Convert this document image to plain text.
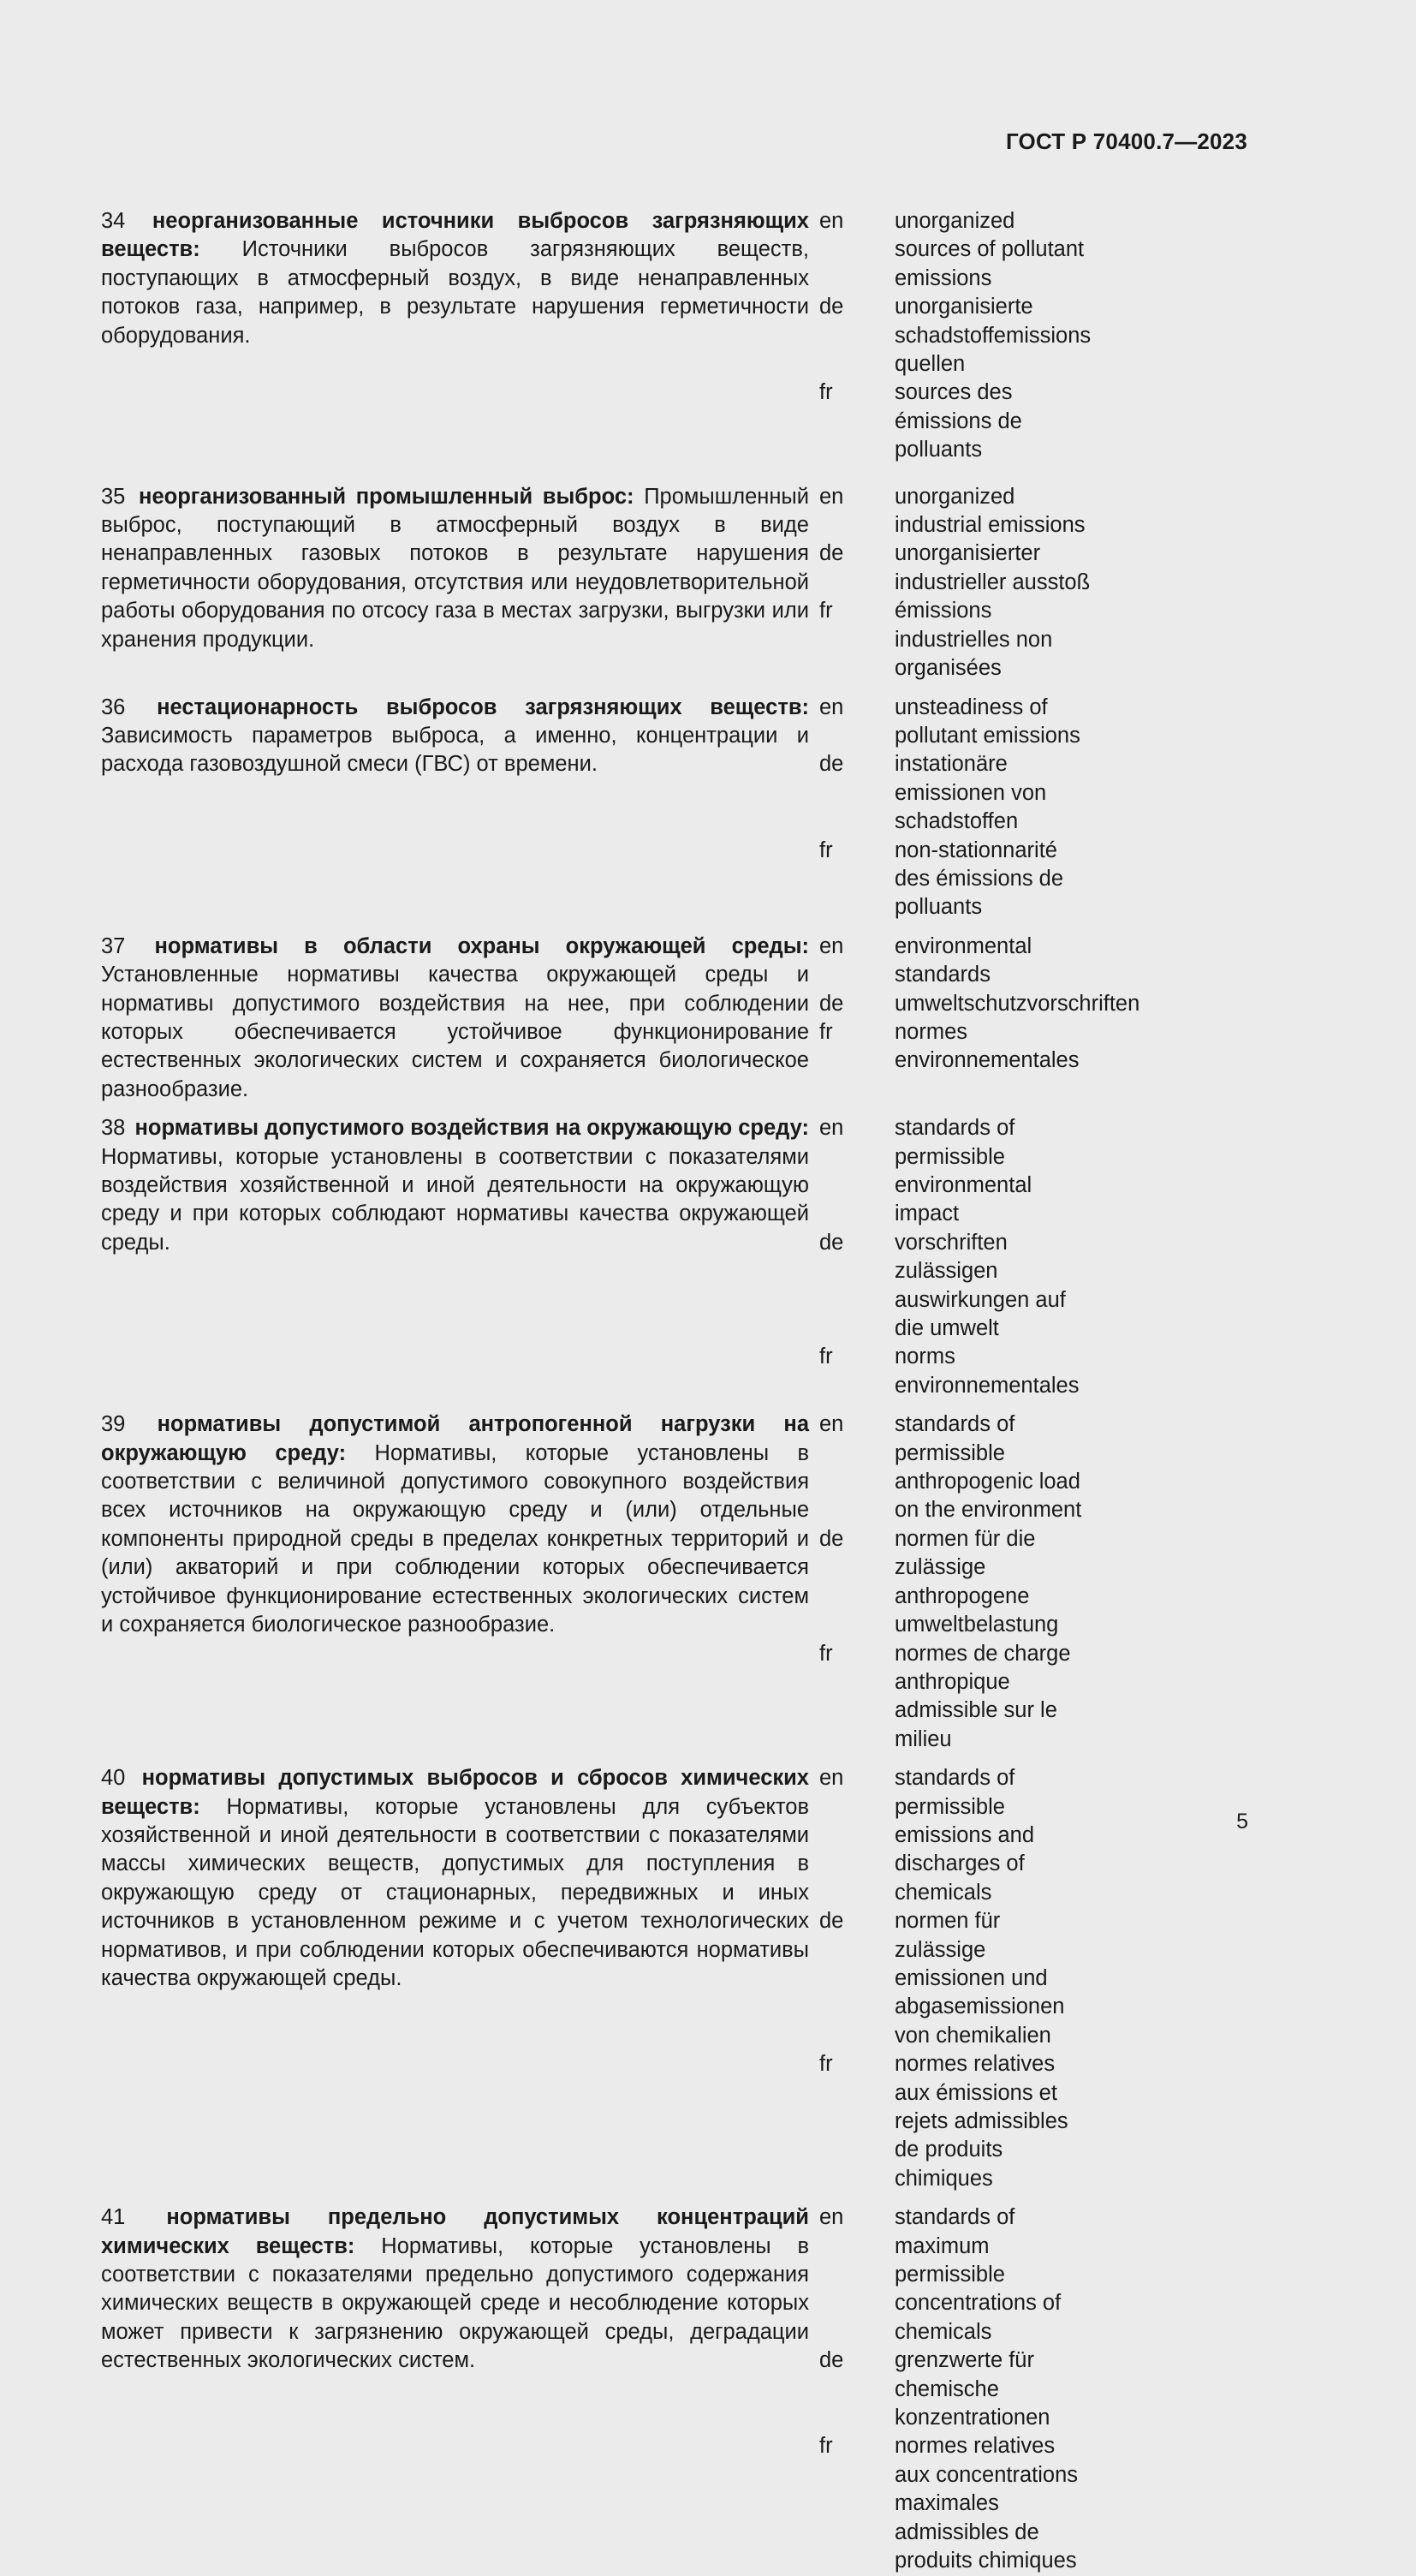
ГОСТ Р 70400.7—2023
34 неорганизованные источники выбросов загрязняющих веществ: Источники выбросов загрязняющих веществ, поступающих в атмосферный воздух, в виде ненаправленных потоков газа, например, в результате нарушения герметичности оборудования.
en	unorganized sources of pollutant emissions
de	unorganisierte schadstoffemissions quellen
fr	sources des émissions de polluants
35 неорганизованный промышленный выброс: Промышленный выброс, поступающий в атмосферный воздух в виде ненаправленных газовых потоков в результате нарушения герметичности оборудования, отсутствия или неудовлетворительной работы оборудования по отсосу газа в местах загрузки, выгрузки или хранения продукции.
en	unorganized industrial emissions
de	unorganisierter industrieller ausstoß
fr	émissions industrielles non organisées
36 нестационарность выбросов загрязняющих веществ: Зависимость параметров выброса, а именно, концентрации и расхода газовоздушной смеси (ГВС) от времени.
en	unsteadiness of pollutant emissions
de	instationäre emissionen von schadstoffen
fr	non-stationnarité des émissions de polluants
37 нормативы в области охраны окружающей среды: Установленные нормативы качества окружающей среды и нормативы допустимого воздействия на нее, при соблюдении которых обеспечивается устойчивое функционирование естественных экологических систем и сохраняется биологическое разнообразие.
en	environmental standards
de	umweltschutzvorschriften
fr	normes environnementales
38 нормативы допустимого воздействия на окружающую среду: Нормативы, которые установлены в соответствии с показателями воздействия хозяйственной и иной деятельности на окружающую среду и при которых соблюдают нормативы качества окружающей среды.
en	standards of permissible environmental impact
de	vorschriften zulässigen auswirkungen auf die umwelt
fr	norms environnementales
39 нормативы допустимой антропогенной нагрузки на окружающую среду: Нормативы, которые установлены в соответствии с величиной допустимого совокупного воздействия всех источников на окружающую среду и (или) отдельные компоненты природной среды в пределах конкретных территорий и (или) акваторий и при соблюдении которых обеспечивается устойчивое функционирование естественных экологических систем и сохраняется биологическое разнообразие.
en	standards of permissible anthropogenic load on the environment
de	normen für die zulässige anthropogene umweltbelastung
fr	normes de charge anthropique admissible sur le milieu
40 нормативы допустимых выбросов и сбросов химических веществ: Нормативы, которые установлены для субъектов хозяйственной и иной деятельности в соответствии с показателями массы химических веществ, допустимых для поступления в окружающую среду от стационарных, передвижных и иных источников в установленном режиме и с учетом технологических нормативов, и при соблюдении которых обеспечиваются нормативы качества окружающей среды.
en	standards of permissible emissions and discharges of chemicals
de	normen für zulässige emissionen und abgasemissionen von chemikalien
fr	normes relatives aux émissions et rejets admissibles de produits chimiques
41 нормативы предельно допустимых концентраций химических веществ: Нормативы, которые установлены в соответствии с показателями предельно допустимого содержания химических веществ в окружающей среде и несоблюдение которых может привести к загрязнению окружающей среды, деградации естественных экологических систем.
en	standards of maximum permissible concentrations of chemicals
de	grenzwerte für chemische konzentrationen
fr	normes relatives aux concentrations maximales admissibles de produits chimiques
5
